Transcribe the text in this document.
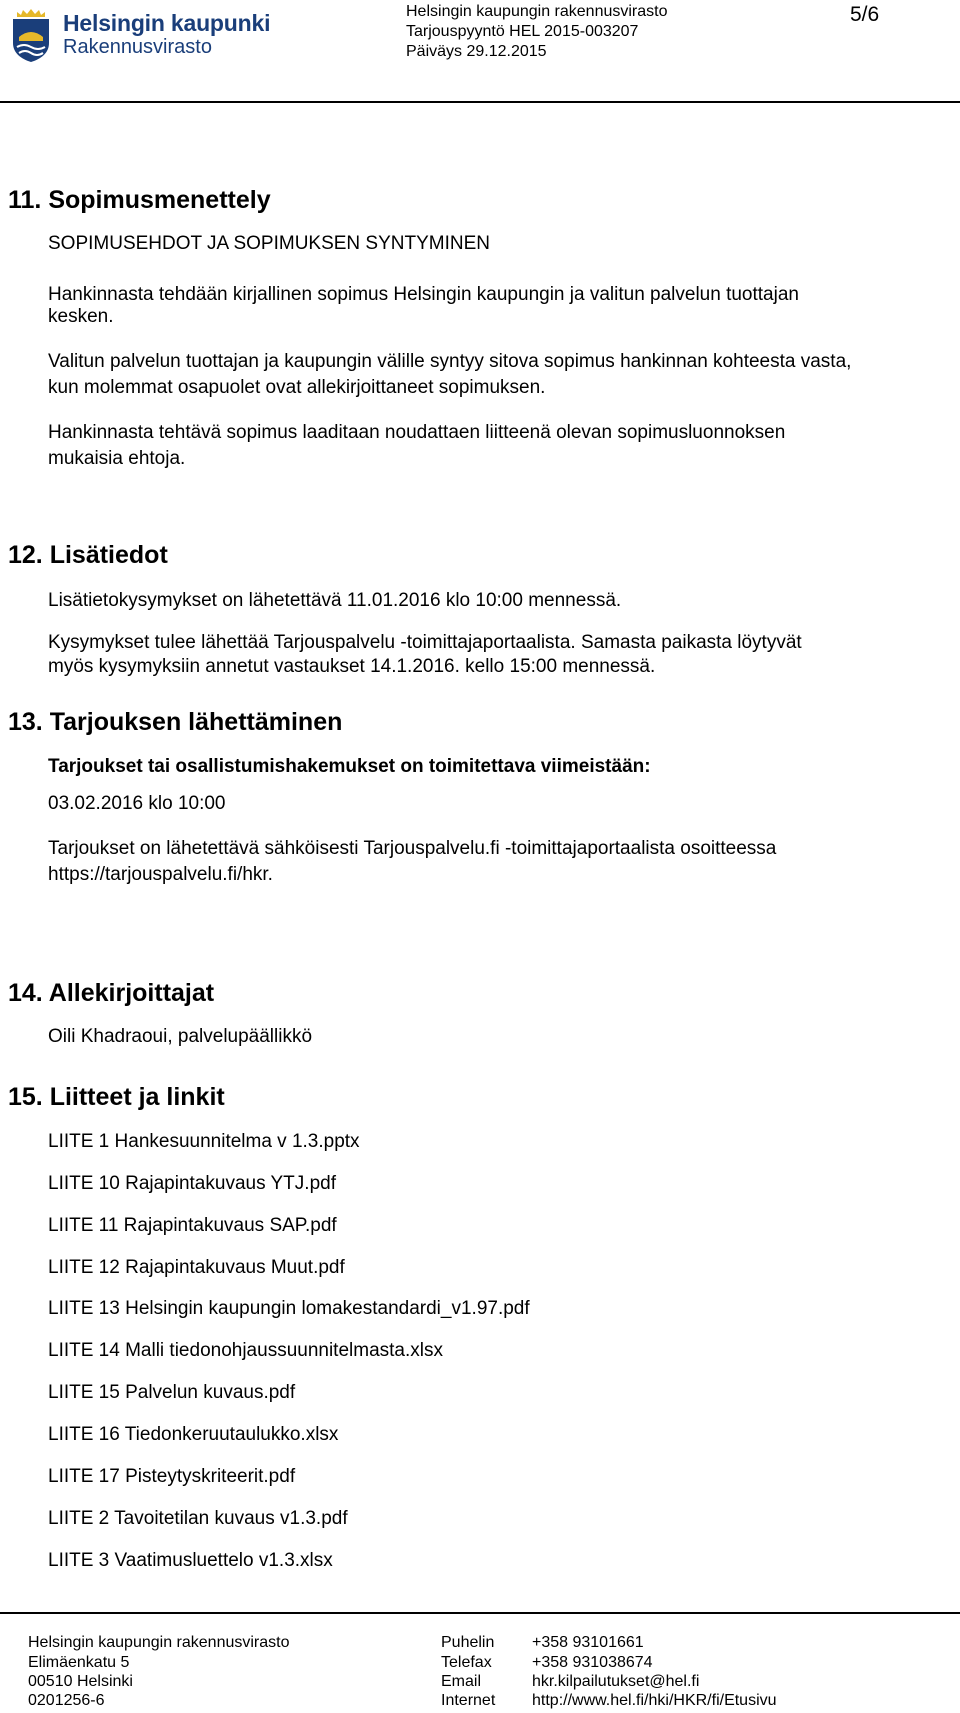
Helsingin kaupunki
Rakennusvirasto
Helsingin kaupungin rakennusvirasto
Tarjouspyyntö HEL 2015-003207
Päiväys 29.12.2015
5/6
11. Sopimusmenettely
SOPIMUSEHDOT JA SOPIMUKSEN SYNTYMINEN
Hankinnasta tehdään kirjallinen sopimus Helsingin kaupungin ja valitun palvelun tuottajan
kesken.
Valitun palvelun tuottajan ja kaupungin välille syntyy sitova sopimus hankinnan kohteesta vasta,
kun molemmat osapuolet ovat allekirjoittaneet sopimuksen.
Hankinnasta tehtävä sopimus laaditaan noudattaen liitteenä olevan sopimusluonnoksen
mukaisia ehtoja.
12. Lisätiedot
Lisätietokysymykset on lähetettävä 11.01.2016 klo 10:00 mennessä.
Kysymykset tulee lähettää Tarjouspalvelu -toimittajaportaalista. Samasta paikasta löytyvät
myös kysymyksiin annetut vastaukset 14.1.2016. kello 15:00 mennessä.
13. Tarjouksen lähettäminen
Tarjoukset tai osallistumishakemukset on toimitettava viimeistään:
03.02.2016 klo 10:00
Tarjoukset on lähetettävä sähköisesti Tarjouspalvelu.fi -toimittajaportaalista osoitteessa
https://tarjouspalvelu.fi/hkr.
14. Allekirjoittajat
Oili Khadraoui, palvelupäällikkö
15. Liitteet ja linkit
LIITE 1 Hankesuunnitelma v 1.3.pptx
LIITE 10 Rajapintakuvaus YTJ.pdf
LIITE 11 Rajapintakuvaus SAP.pdf
LIITE 12 Rajapintakuvaus Muut.pdf
LIITE 13 Helsingin kaupungin lomakestandardi_v1.97.pdf
LIITE 14 Malli tiedonohjaussuunnitelmasta.xlsx
LIITE 15 Palvelun kuvaus.pdf
LIITE 16 Tiedonkeruutaulukko.xlsx
LIITE 17 Pisteytyskriteerit.pdf
LIITE 2 Tavoitetilan kuvaus v1.3.pdf
LIITE 3 Vaatimusluettelo v1.3.xlsx
Helsingin kaupungin rakennusvirasto
Elimäenkatu 5
00510 Helsinki
0201256-6
Puhelin
Telefax
Email
Internet
+358 93101661
+358 931038674
hkr.kilpailutukset@hel.fi
http://www.hel.fi/hki/HKR/fi/Etusivu
